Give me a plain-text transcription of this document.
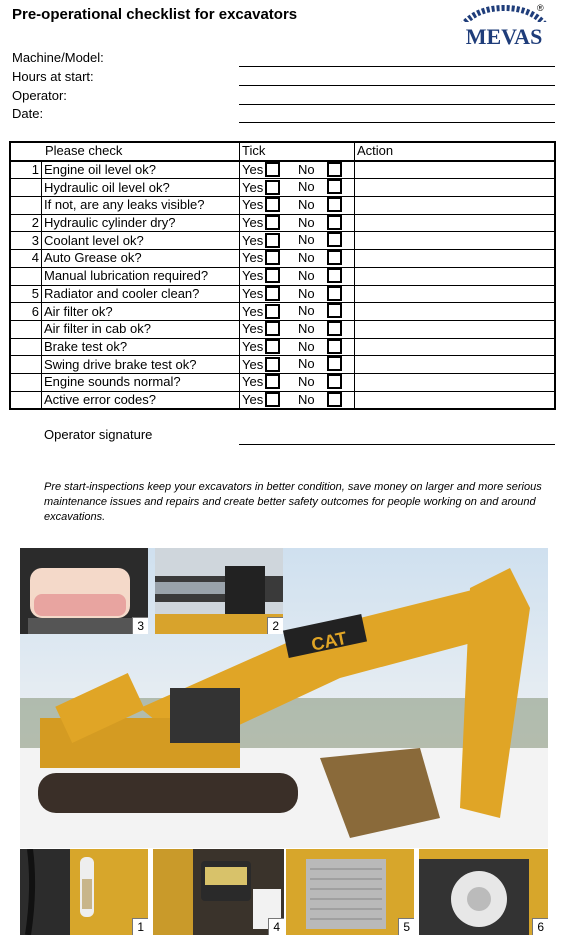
Pre-operational checklist for excavators
MEVAS
®
Machine/Model:
Hours at start:
Operator:
Date:
Please check		Tick	Action
1	Engine oil level ok?	Yes No	

	Hydraulic oil level ok?	Yes No	

	If not, are any leaks visible?	Yes No	

2	Hydraulic cylinder dry?	Yes No	

3	Coolant level ok?	Yes No	

4	Auto Grease ok?	Yes No	

	Manual lubrication required?	Yes No	

5	Radiator and cooler clean?	Yes No	

6	Air filter ok?	Yes No	

	Air filter in cab ok?	Yes No	

	Brake test ok?	Yes No	

	Swing drive brake test ok?	Yes No	

	Engine sounds normal?	Yes No	

	Active error codes?	Yes No	

Operator signature
Pre start-inspections keep your excavators in better condition, save money on larger and more serious maintenance issues and repairs and create better safety outcomes for people working on and around excavations.
CAT
3	2
1	4	5	6
